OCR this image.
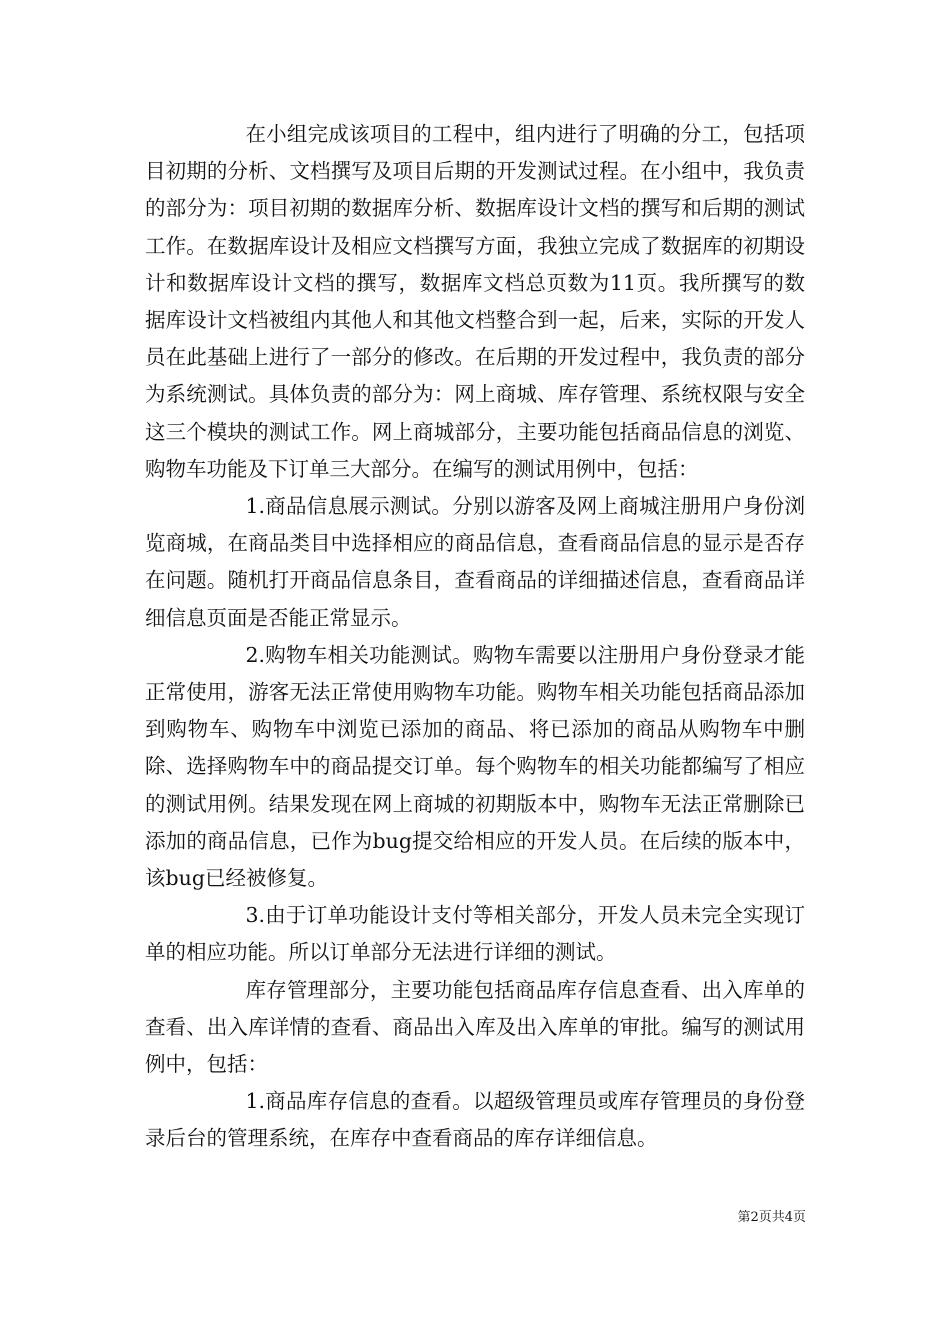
在小组完成该项目的工程中，组内进行了明确的分工，包括项目初期的分析、文档撰写及项目后期的开发测试过程。在小组中，我负责的部分为：项目初期的数据库分析、数据库设计文档的撰写和后期的测试工作。在数据库设计及相应文档撰写方面，我独立完成了数据库的初期设计和数据库设计文档的撰写，数据库文档总页数为11页。我所撰写的数据库设计文档被组内其他人和其他文档整合到一起，后来，实际的开发人员在此基础上进行了一部分的修改。在后期的开发过程中，我负责的部分为系统测试。具体负责的部分为：网上商城、库存管理、系统权限与安全这三个模块的测试工作。网上商城部分，主要功能包括商品信息的浏览、购物车功能及下订单三大部分。在编写的测试用例中，包括：

1.商品信息展示测试。分别以游客及网上商城注册用户身份浏览商城，在商品类目中选择相应的商品信息，查看商品信息的显示是否存在问题。随机打开商品信息条目，查看商品的详细描述信息，查看商品详细信息页面是否能正常显示。

2.购物车相关功能测试。购物车需要以注册用户身份登录才能正常使用，游客无法正常使用购物车功能。购物车相关功能包括商品添加到购物车、购物车中浏览已添加的商品、将已添加的商品从购物车中删除、选择购物车中的商品提交订单。每个购物车的相关功能都编写了相应的测试用例。结果发现在网上商城的初期版本中，购物车无法正常删除已添加的商品信息，已作为bug提交给相应的开发人员。在后续的版本中，该bug已经被修复。

3.由于订单功能设计支付等相关部分，开发人员未完全实现订单的相应功能。所以订单部分无法进行详细的测试。

库存管理部分，主要功能包括商品库存信息查看、出入库单的查看、出入库详情的查看、商品出入库及出入库单的审批。编写的测试用例中，包括：

1.商品库存信息的查看。以超级管理员或库存管理员的身份登录后台的管理系统，在库存中查看商品的库存详细信息。

第2页共4页
